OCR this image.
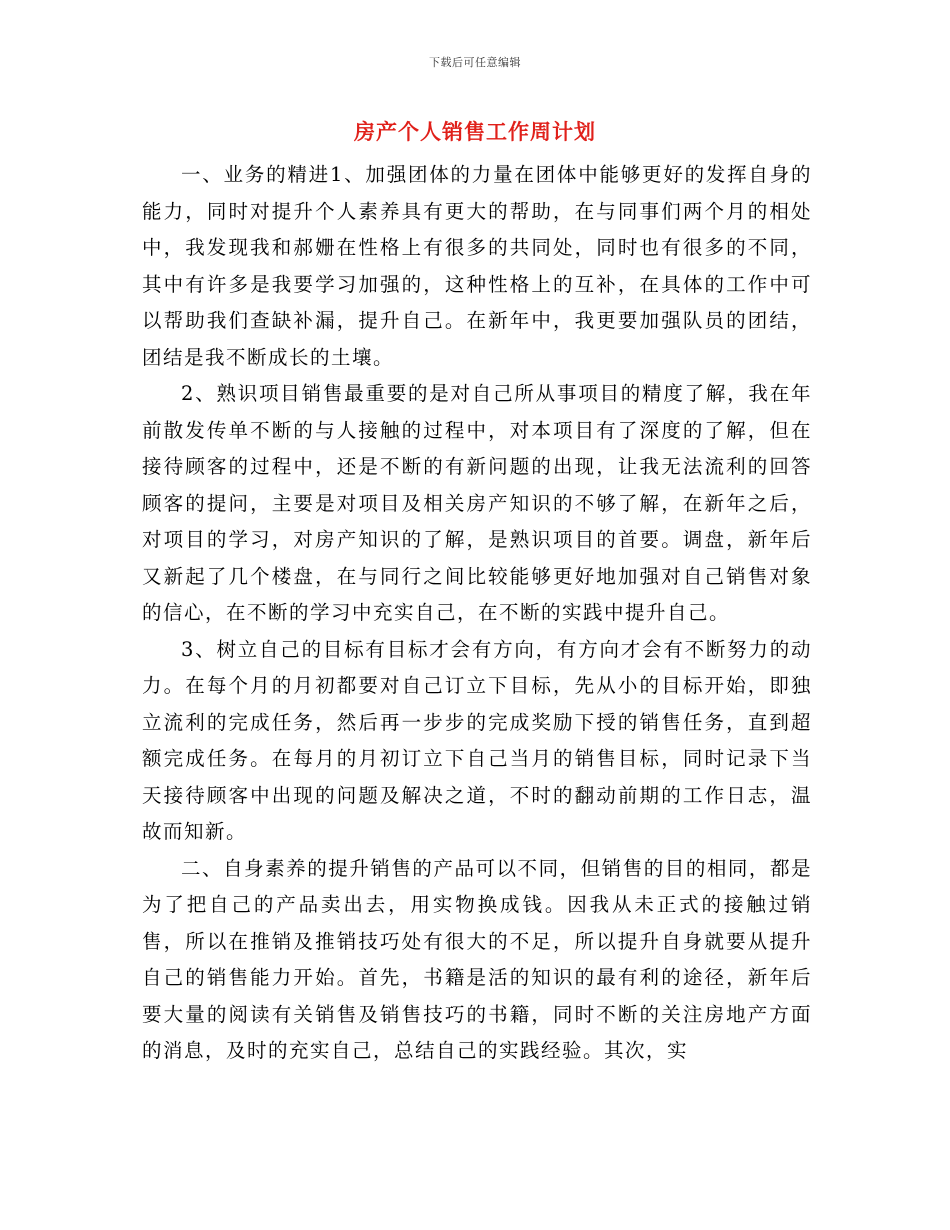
下载后可任意编辑
房产个人销售工作周计划

一、业务的精进1、加强团体的力量在团体中能够更好的发挥自身的能力，同时对提升个人素养具有更大的帮助，在与同事们两个月的相处中，我发现我和郝姗在性格上有很多的共同处，同时也有很多的不同，其中有许多是我要学习加强的，这种性格上的互补，在具体的工作中可以帮助我们查缺补漏，提升自己。在新年中，我更要加强队员的团结，团结是我不断成长的土壤。

2、熟识项目销售最重要的是对自己所从事项目的精度了解，我在年前散发传单不断的与人接触的过程中，对本项目有了深度的了解，但在接待顾客的过程中，还是不断的有新问题的出现，让我无法流利的回答顾客的提问，主要是对项目及相关房产知识的不够了解，在新年之后，对项目的学习，对房产知识的了解，是熟识项目的首要。调盘，新年后又新起了几个楼盘，在与同行之间比较能够更好地加强对自己销售对象的信心，在不断的学习中充实自己，在不断的实践中提升自己。

3、树立自己的目标有目标才会有方向，有方向才会有不断努力的动力。在每个月的月初都要对自己订立下目标，先从小的目标开始，即独立流利的完成任务，然后再一步步的完成奖励下授的销售任务，直到超额完成任务。在每月的月初订立下自己当月的销售目标，同时记录下当天接待顾客中出现的问题及解决之道，不时的翻动前期的工作日志，温故而知新。

二、自身素养的提升销售的产品可以不同，但销售的目的相同，都是为了把自己的产品卖出去，用实物换成钱。因我从未正式的接触过销售，所以在推销及推销技巧处有很大的不足，所以提升自身就要从提升自己的销售能力开始。首先，书籍是活的知识的最有利的途径，新年后要大量的阅读有关销售及销售技巧的书籍，同时不断的关注房地产方面的消息，及时的充实自己，总结自己的实践经验。其次，实
